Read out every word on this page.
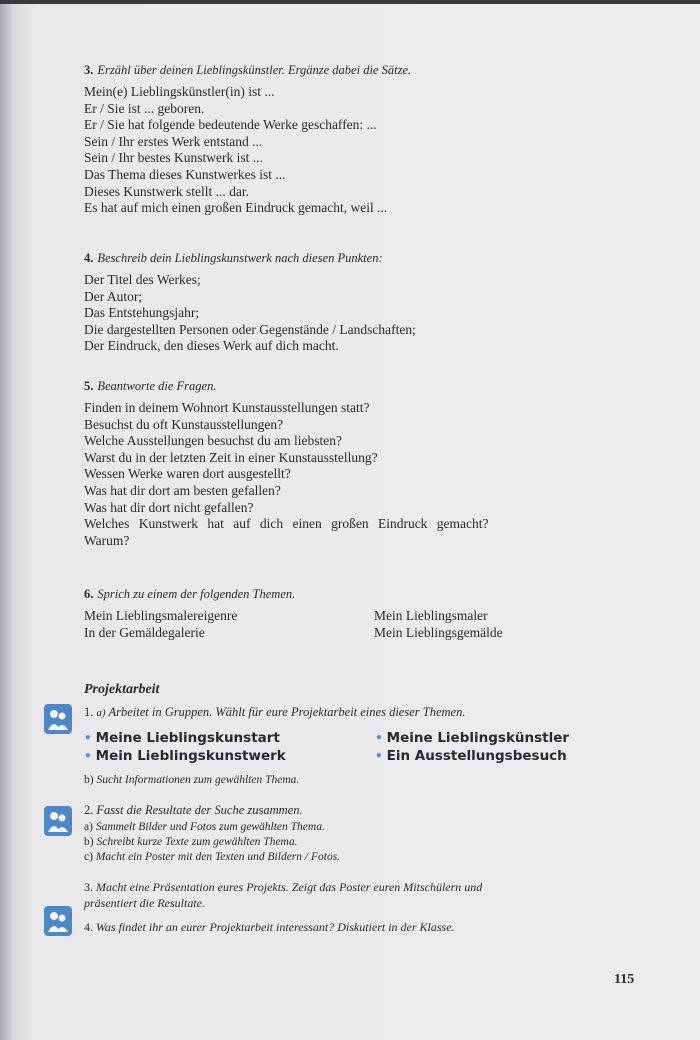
3. Erzähl über deinen Lieblingskünstler. Ergänze dabei die Sätze.

Mein(e) Lieblingskünstler(in) ist ...

Er / Sie ist ... geboren.

Er / Sie hat folgende bedeutende Werke geschaffen: ...

Sein / Ihr erstes Werk entstand ...

Sein / Ihr bestes Kunstwerk ist ...

Das Thema dieses Kunstwerkes ist ...

Dieses Kunstwerk stellt ... dar.

Es hat auf mich einen großen Eindruck gemacht, weil ...

4. Beschreib dein Lieblingskunstwerk nach diesen Punkten:

Der Titel des Werkes;

Der Autor;

Das Entstehungsjahr;

Die dargestellten Personen oder Gegenstände / Landschaften;

Der Eindruck, den dieses Werk auf dich macht.

5. Beantworte die Fragen.

Finden in deinem Wohnort Kunstausstellungen statt?

Besuchst du oft Kunstausstellungen?

Welche Ausstellungen besuchst du am liebsten?

Warst du in der letzten Zeit in einer Kunstausstellung?

Wessen Werke waren dort ausgestellt?

Was hat dir dort am besten gefallen?

Was hat dir dort nicht gefallen?

Welches Kunstwerk hat auf dich einen großen Eindruck gemacht?

Warum?

6. Sprich zu einem der folgenden Themen.

Mein Lieblingsmalereigenre

In der Gemäldegalerie

Mein Lieblingsmaler

Mein Lieblingsgemälde

Projektarbeit

1. a) Arbeitet in Gruppen. Wählt für eure Projektarbeit eines dieser Themen.

• Meine Lieblingskunstart
• Mein Lieblingskunstwerk
• Meine Lieblingskünstler
• Ein Ausstellungsbesuch

b) Sucht Informationen zum gewählten Thema.

2. Fasst die Resultate der Suche zusammen.

a) Sammelt Bilder und Fotos zum gewählten Thema.

b) Schreibt kurze Texte zum gewählten Thema.

c) Macht ein Poster mit den Texten und Bildern / Fotos.

3. Macht eine Präsentation eures Projekts. Zeigt das Poster euren Mitschülern und

präsentiert die Resultate.

4. Was findet ihr an eurer Projektarbeit interessant? Diskutiert in der Klasse.

115
